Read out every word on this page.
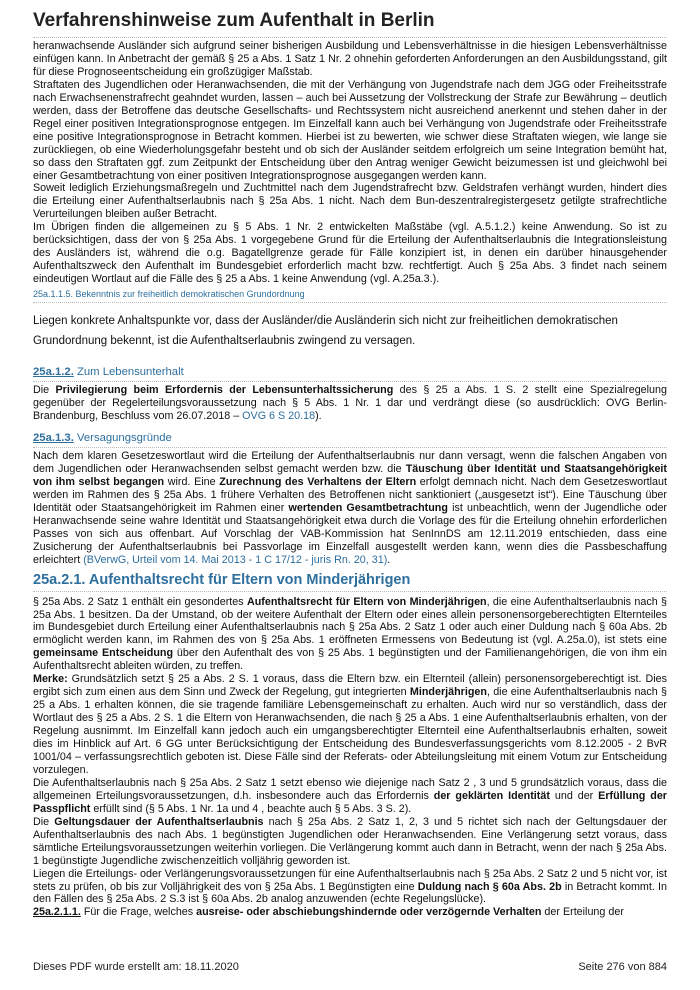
Verfahrenshinweise zum Aufenthalt in Berlin

heranwachsende Ausländer sich aufgrund seiner bisherigen Ausbildung und Lebensverhältnisse in die hiesigen Lebensverhältnisse einfügen kann. In Anbetracht der gemäß § 25 a Abs. 1 Satz 1 Nr. 2 ohnehin geforderten Anforderungen an den Ausbildungsstand, gilt für diese Prognoseentscheidung ein großzügiger Maßstab.

Straftaten des Jugendlichen oder Heranwachsenden, die mit der Verhängung von Jugendstrafe nach dem JGG oder Freiheitsstrafe nach Erwachsenenstrafrecht geahndet wurden, lassen – auch bei Aussetzung der Vollstreckung der Strafe zur Bewährung – deutlich werden, dass der Betroffene das deutsche Gesellschafts- und Rechtssystem nicht ausreichend anerkennt und stehen daher in der Regel einer positiven Integrationsprognose entgegen. Im Einzelfall kann auch bei Verhängung von Jugendstrafe oder Freiheitsstrafe eine positive Integrationsprognose in Betracht kommen. Hierbei ist zu bewerten, wie schwer diese Straftaten wiegen, wie lange sie zurückliegen, ob eine Wiederholungsgefahr besteht und ob sich der Ausländer seitdem erfolgreich um seine Integration bemüht hat, so dass den Straftaten ggf. zum Zeitpunkt der Entscheidung über den Antrag weniger Gewicht beizumessen ist und gleichwohl bei einer Gesamtbetrachtung von einer positiven Integrationsprognose ausgegangen werden kann.

Soweit lediglich Erziehungsmaßregeln und Zuchtmittel nach dem Jugendstrafrecht bzw. Geldstrafen verhängt wurden, hindert dies die Erteilung einer Aufenthaltserlaubnis nach § 25a Abs. 1 nicht. Nach dem Bun-deszentralregistergesetz getilgte strafrechtliche Verurteilungen bleiben außer Betracht.

Im Übrigen finden die allgemeinen zu § 5 Abs. 1 Nr. 2 entwickelten Maßstäbe (vgl. A.5.1.2.) keine Anwendung. So ist zu berücksichtigen, dass der von § 25a Abs. 1 vorgegebene Grund für die Erteilung der Aufenthaltserlaubnis die Integrationsleistung des Ausländers ist, während die o.g. Bagatellgrenze gerade für Fälle konzipiert ist, in denen ein darüber hinausgehender Aufenthaltszweck den Aufenthalt im Bundesgebiet erforderlich macht bzw. rechtfertigt. Auch § 25a Abs. 3 findet nach seinem eindeutigen Wortlaut auf die Fälle des § 25 a Abs. 1 keine Anwendung (vgl. A.25a.3.).

25a.1.1.5. Bekenntnis zur freiheitlich demokratischen Grundordnung

Liegen konkrete Anhaltspunkte vor, dass der Ausländer/die Ausländerin sich nicht zur freiheitlichen demokratischen Grundordnung bekennt, ist die Aufenthaltserlaubnis zwingend zu versagen.

25a.1.2. Zum Lebensunterhalt

Die Privilegierung beim Erfordernis der Lebensunterhaltssicherung des § 25 a Abs. 1 S. 2 stellt eine Spezialregelung gegenüber der Regelerteilungsvoraussetzung nach § 5 Abs. 1 Nr. 1 dar und verdrängt diese (so ausdrücklich: OVG Berlin-Brandenburg, Beschluss vom 26.07.2018 – OVG 6 S 20.18).

25a.1.3. Versagungsgründe

Nach dem klaren Gesetzeswortlaut wird die Erteilung der Aufenthaltserlaubnis nur dann versagt, wenn die falschen Angaben von dem Jugendlichen oder Heranwachsenden selbst gemacht werden bzw. die Täuschung über Identität und Staatsangehörigkeit von ihm selbst begangen wird. Eine Zurechnung des Verhaltens der Eltern erfolgt demnach nicht. Nach dem Gesetzeswortlaut werden im Rahmen des § 25a Abs. 1 frühere Verhalten des Betroffenen nicht sanktioniert („ausgesetzt ist“). Eine Täuschung über Identität oder Staatsangehörigkeit im Rahmen einer wertenden Gesamtbetrachtung ist unbeachtlich, wenn der Jugendliche oder Heranwachsende seine wahre Identität und Staatsangehörigkeit etwa durch die Vorlage des für die Erteilung ohnehin erforderlichen Passes von sich aus offenbart. Auf Vorschlag der VAB-Kommission hat SenInnDS am 12.11.2019 entschieden, dass eine Zusicherung der Aufenthaltserlaubnis bei Passvorlage im Einzelfall ausgestellt werden kann, wenn dies die Passbeschaffung erleichtert (BVerwG, Urteil vom 14. Mai 2013 - 1 C 17/12 - juris Rn. 20, 31).

25a.2.1. Aufenthaltsrecht für Eltern von Minderjährigen

§ 25a Abs. 2 Satz 1 enthält ein gesondertes Aufenthaltsrecht für Eltern von Minderjährigen, die eine Aufenthaltserlaubnis nach § 25a Abs. 1 besitzen. Da der Umstand, ob der weitere Aufenthalt der Eltern oder eines allein personensorgeberechtigten Elternteiles im Bundesgebiet durch Erteilung einer Aufenthaltserlaubnis nach § 25a Abs. 2 Satz 1 oder auch einer Duldung nach § 60a Abs. 2b ermöglicht werden kann, im Rahmen des von § 25a Abs. 1 eröffneten Ermessens von Bedeutung ist (vgl. A.25a.0), ist stets eine gemeinsame Entscheidung über den Aufenthalt des von § 25 Abs. 1 begünstigten und der Familienangehörigen, die von ihm ein Aufenthaltsrecht ableiten würden, zu treffen.

Merke: Grundsätzlich setzt § 25 a Abs. 2 S. 1 voraus, dass die Eltern bzw. ein Elternteil (allein) personensorgeberechtigt ist. Dies ergibt sich zum einen aus dem Sinn und Zweck der Regelung, gut integrierten Minderjährigen, die eine Aufenthaltserlaubnis nach § 25 a Abs. 1 erhalten können, die sie tragende familiäre Lebensgemeinschaft zu erhalten. Auch wird nur so verständlich, dass der Wortlaut des § 25 a Abs. 2 S. 1 die Eltern von Heranwachsenden, die nach § 25 a Abs. 1 eine Aufenthaltserlaubnis erhalten, von der Regelung ausnimmt. Im Einzelfall kann jedoch auch ein umgangsberechtigter Elternteil eine Aufenthaltserlaubnis erhalten, soweit dies im Hinblick auf Art. 6 GG unter Berücksichtigung der Entscheidung des Bundesverfassungsgerichts vom 8.12.2005 - 2 BvR 1001/04 – verfassungsrechtlich geboten ist. Diese Fälle sind der Referats- oder Abteilungsleitung mit einem Votum zur Entscheidung vorzulegen.

Die Aufenthaltserlaubnis nach § 25a Abs. 2 Satz 1 setzt ebenso wie diejenige nach Satz 2 , 3 und 5 grundsätzlich voraus, dass die allgemeinen Erteilungsvoraussetzungen, d.h. insbesondere auch das Erfordernis der geklärten Identität und der Erfüllung der Passpflicht erfüllt sind (§ 5 Abs. 1 Nr. 1a und 4 , beachte auch § 5 Abs. 3 S. 2).

Die Geltungsdauer der Aufenthaltserlaubnis nach § 25a Abs. 2 Satz 1, 2, 3 und 5 richtet sich nach der Geltungsdauer der Aufenthaltserlaubnis des nach Abs. 1 begünstigten Jugendlichen oder Heranwachsenden. Eine Verlängerung setzt voraus, dass sämtliche Erteilungsvoraussetzungen weiterhin vorliegen. Die Verlängerung kommt auch dann in Betracht, wenn der nach § 25a Abs. 1 begünstigte Jugendliche zwischenzeitlich volljährig geworden ist.

Liegen die Erteilungs- oder Verlängerungsvoraussetzungen für eine Aufenthaltserlaubnis nach § 25a Abs. 2 Satz 2 und 5 nicht vor, ist stets zu prüfen, ob bis zur Volljährigkeit des von § 25a Abs. 1 Begünstigten eine Duldung nach § 60a Abs. 2b in Betracht kommt. In den Fällen des § 25a Abs. 2 S.3 ist § 60a Abs. 2b analog anzuwenden (echte Regelungslücke).

25a.2.1.1. Für die Frage, welches ausreise- oder abschiebungshindernde oder verzögernde Verhalten der Erteilung der

Dieses PDF wurde erstellt am: 18.11.2020	Seite 276 von 884
